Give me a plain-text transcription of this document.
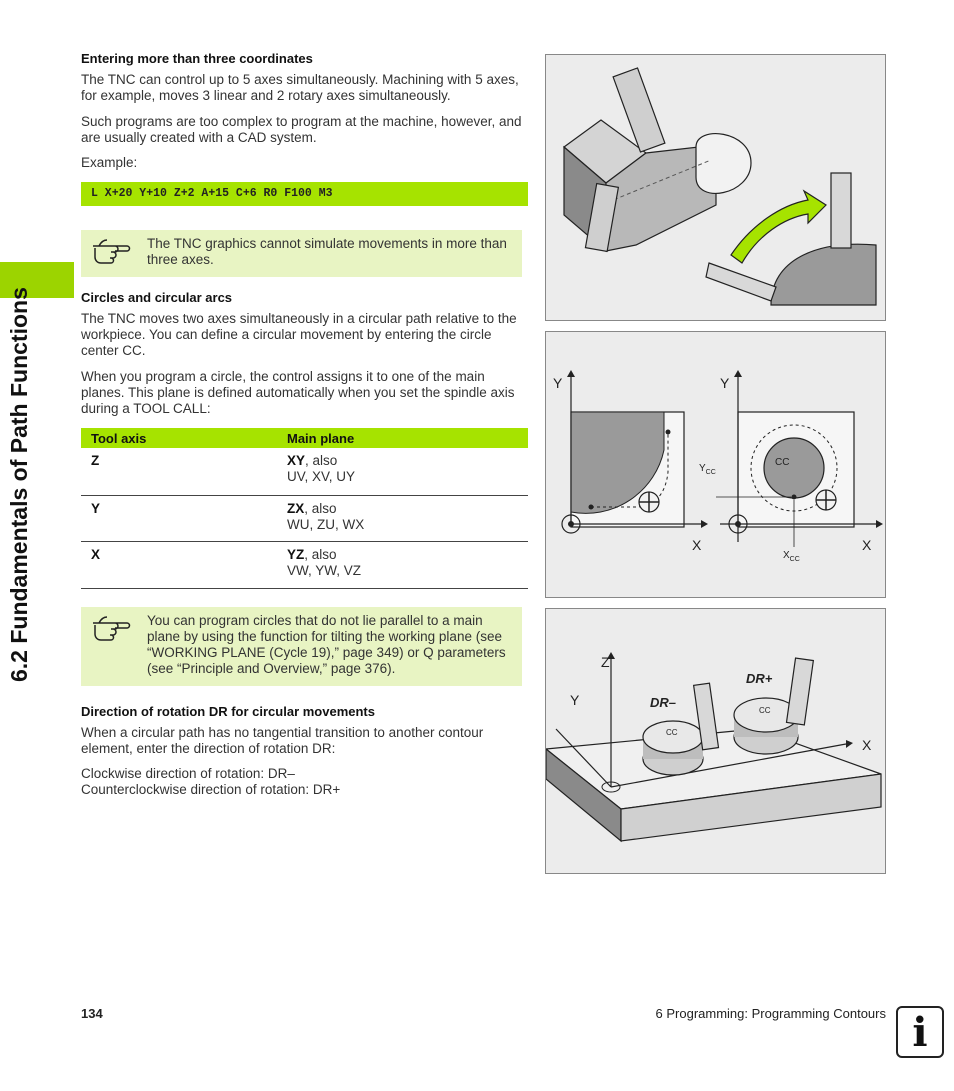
6.2 Fundamentals of Path Functions
Entering more than three coordinates
The TNC can control up to 5 axes simultaneously. Machining with 5 axes, for example, moves 3 linear and 2 rotary axes simultaneously.
Such programs are too complex to program at the machine, however, and are usually created with a CAD system.
Example:
L X+20 Y+10 Z+2 A+15 C+6 R0 F100 M3
The TNC graphics cannot simulate movements in more than three axes.
Circles and circular arcs
The TNC moves two axes simultaneously in a circular path relative to the workpiece. You can define a circular movement by entering the circle center CC.
When you program a circle, the control assigns it to one of the main planes. This plane is defined automatically when you set the spindle axis during a TOOL CALL:
Tool axis	Main plane
Z	XY, also
UV, XV, UY
Y	ZX, also
WU, ZU, WX
X	YZ, also
VW, YW, VZ
You can program circles that do not lie parallel to a main plane by using the function for tilting the working plane (see “WORKING PLANE (Cycle 19),” page 349) or Q parameters (see “Principle and Overview,” page 376).
Direction of rotation DR for circular movements
When a circular path has no tangential transition to another contour element, enter the direction of rotation DR:
Clockwise direction of rotation: DR–
Counterclockwise direction of rotation: DR+
Y
X
Y
X
CC
$Y_{CC}$
$X_{CC}$
Z
Y
X
DR–
DR+
CC
CC
134	6 Programming: Programming Contours i
